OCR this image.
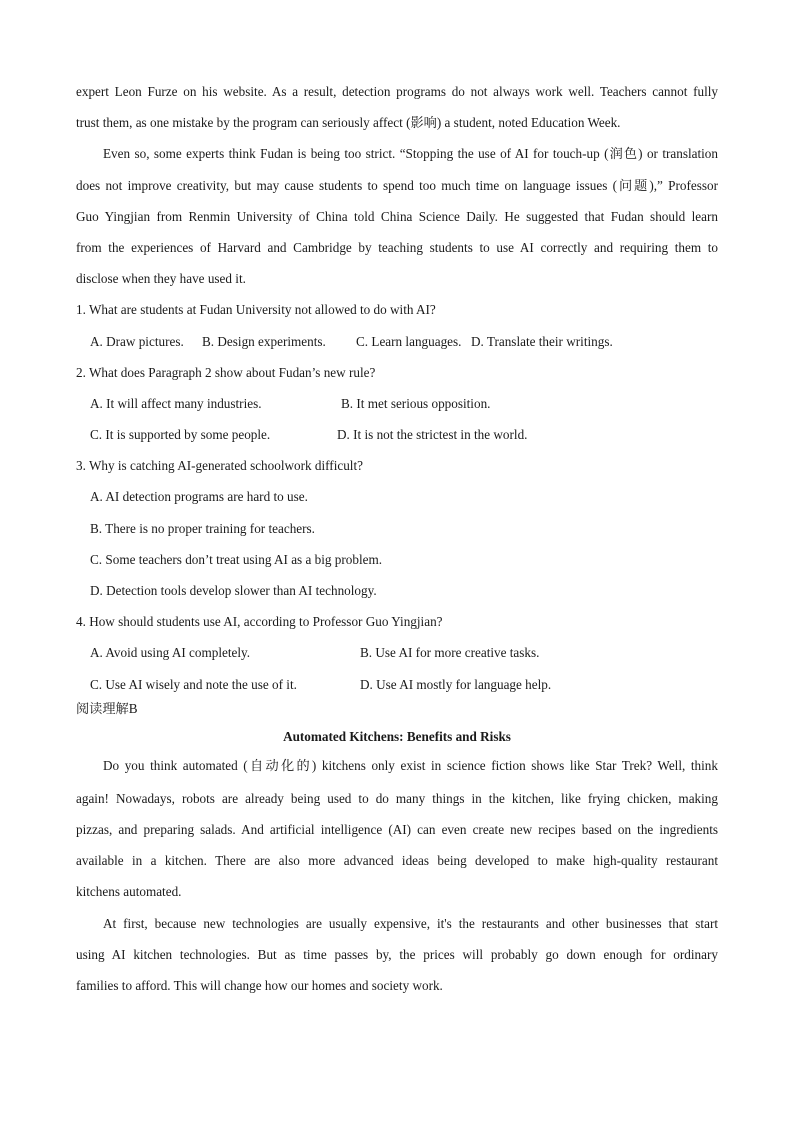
expert Leon Furze on his website. As a result, detection programs do not always work well. Teachers cannot fully
trust them, as one mistake by the program can seriously affect (影响) a student, noted Education Week.
Even so, some experts think Fudan is being too strict. “Stopping the use of AI for touch-up (润色) or translation
does not improve creativity, but may cause students to spend too much time on language issues (问题),” Professor
Guo Yingjian from Renmin University of China told China Science Daily. He suggested that Fudan should learn
from the experiences of Harvard and Cambridge by teaching students to use AI correctly and requiring them to
disclose when they have used it.
1. What are students at Fudan University not allowed to do with AI?
A. Draw pictures. B. Design experiments. C. Learn languages. D. Translate their writings.
2. What does Paragraph 2 show about Fudan’s new rule?
A. It will affect many industries.	B. It met serious opposition.
C. It is supported by some people.	D. It is not the strictest in the world.
3. Why is catching AI-generated schoolwork difficult?
A. AI detection programs are hard to use.
B. There is no proper training for teachers.
C. Some teachers don’t treat using AI as a big problem.
D. Detection tools develop slower than AI technology.
4. How should students use AI, according to Professor Guo Yingjian?
A. Avoid using AI completely.	B. Use AI for more creative tasks.
C. Use AI wisely and note the use of it.	D. Use AI mostly for language help.
阅读理解B
Automated Kitchens: Benefits and Risks
Do you think automated (自动化的) kitchens only exist in science fiction shows like Star Trek? Well, think
again! Nowadays, robots are already being used to do many things in the kitchen, like frying chicken, making
pizzas, and preparing salads. And artificial intelligence (AI) can even create new recipes based on the ingredients
available in a kitchen. There are also more advanced ideas being developed to make high-quality restaurant
kitchens automated.
At first, because new technologies are usually expensive, it's the restaurants and other businesses that start
using AI kitchen technologies. But as time passes by, the prices will probably go down enough for ordinary
families to afford. This will change how our homes and society work.
